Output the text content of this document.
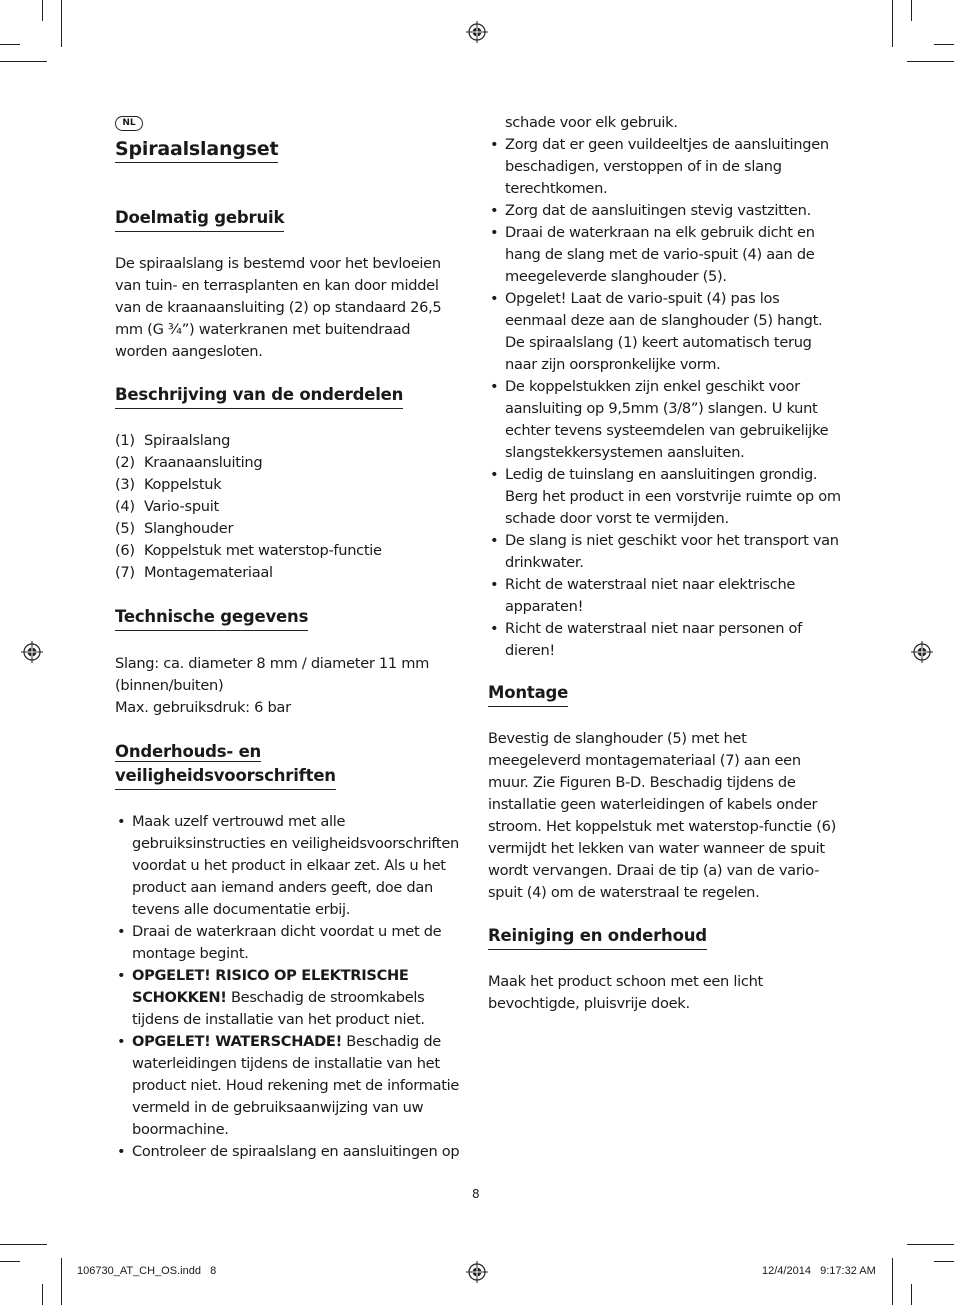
NL
Spiraalslangset
Doelmatig gebruik
De spiraalslang is bestemd voor het bevloeien van tuin- en terrasplanten en kan door middel van de kraanaansluiting (2) op standaard 26,5 mm (G ¾”) waterkranen met buitendraad worden aangesloten.
Beschrijving van de onderdelen
(1) Spiraalslang
(2) Kraanaansluiting
(3) Koppelstuk
(4) Vario-spuit
(5) Slanghouder
(6) Koppelstuk met waterstop-functie
(7) Montagemateriaal
Technische gegevens
Slang: ca. diameter 8 mm / diameter 11 mm
(binnen/buiten)
Max. gebruiksdruk: 6 bar
Onderhouds- en
veiligheidsvoorschriften
• Maak uzelf vertrouwd met alle gebruiksinstructies en veiligheidsvoorschriften voordat u het product in elkaar zet. Als u het product aan iemand anders geeft, doe dan tevens alle documentatie erbij.
• Draai de waterkraan dicht voordat u met de montage begint.
• OPGELET! RISICO OP ELEKTRISCHE SCHOKKEN! Beschadig de stroomkabels tijdens de installatie van het product niet.
• OPGELET! WATERSCHADE! Beschadig de waterleidingen tijdens de installatie van het product niet. Houd rekening met de informatie vermeld in de gebruiksaanwijzing van uw boormachine.
• Controleer de spiraalslang en aansluitingen op
schade voor elk gebruik.
• Zorg dat er geen vuildeeltjes de aansluitingen beschadigen, verstoppen of in de slang terechtkomen.
• Zorg dat de aansluitingen stevig vastzitten.
• Draai de waterkraan na elk gebruik dicht en hang de slang met de vario-spuit (4) aan de meegeleverde slanghouder (5).
• Opgelet! Laat de vario-spuit (4) pas los eenmaal deze aan de slanghouder (5) hangt. De spiraalslang (1) keert automatisch terug naar zijn oorspronkelijke vorm.
• De koppelstukken zijn enkel geschikt voor aansluiting op 9,5mm (3/8”) slangen. U kunt echter tevens systeemdelen van gebruikelijke slangstekkersystemen aansluiten.
• Ledig de tuinslang en aansluitingen grondig. Berg het product in een vorstvrije ruimte op om schade door vorst te vermijden.
• De slang is niet geschikt voor het transport van drinkwater.
• Richt de waterstraal niet naar elektrische apparaten!
• Richt de waterstraal niet naar personen of dieren!
Montage
Bevestig de slanghouder (5) met het meegeleverd montagemateriaal (7) aan een muur. Zie Figuren B-D. Beschadig tijdens de installatie geen waterleidingen of kabels onder stroom. Het koppelstuk met waterstop-functie (6) vermijdt het lekken van water wanneer de spuit wordt vervangen. Draai de tip (a) van de vario-spuit (4) om de waterstraal te regelen.
Reiniging en onderhoud
Maak het product schoon met een licht bevochtigde, pluisvrije doek.
8
106730_AT_CH_OS.indd   8	12/4/2014   9:17:32 AM
